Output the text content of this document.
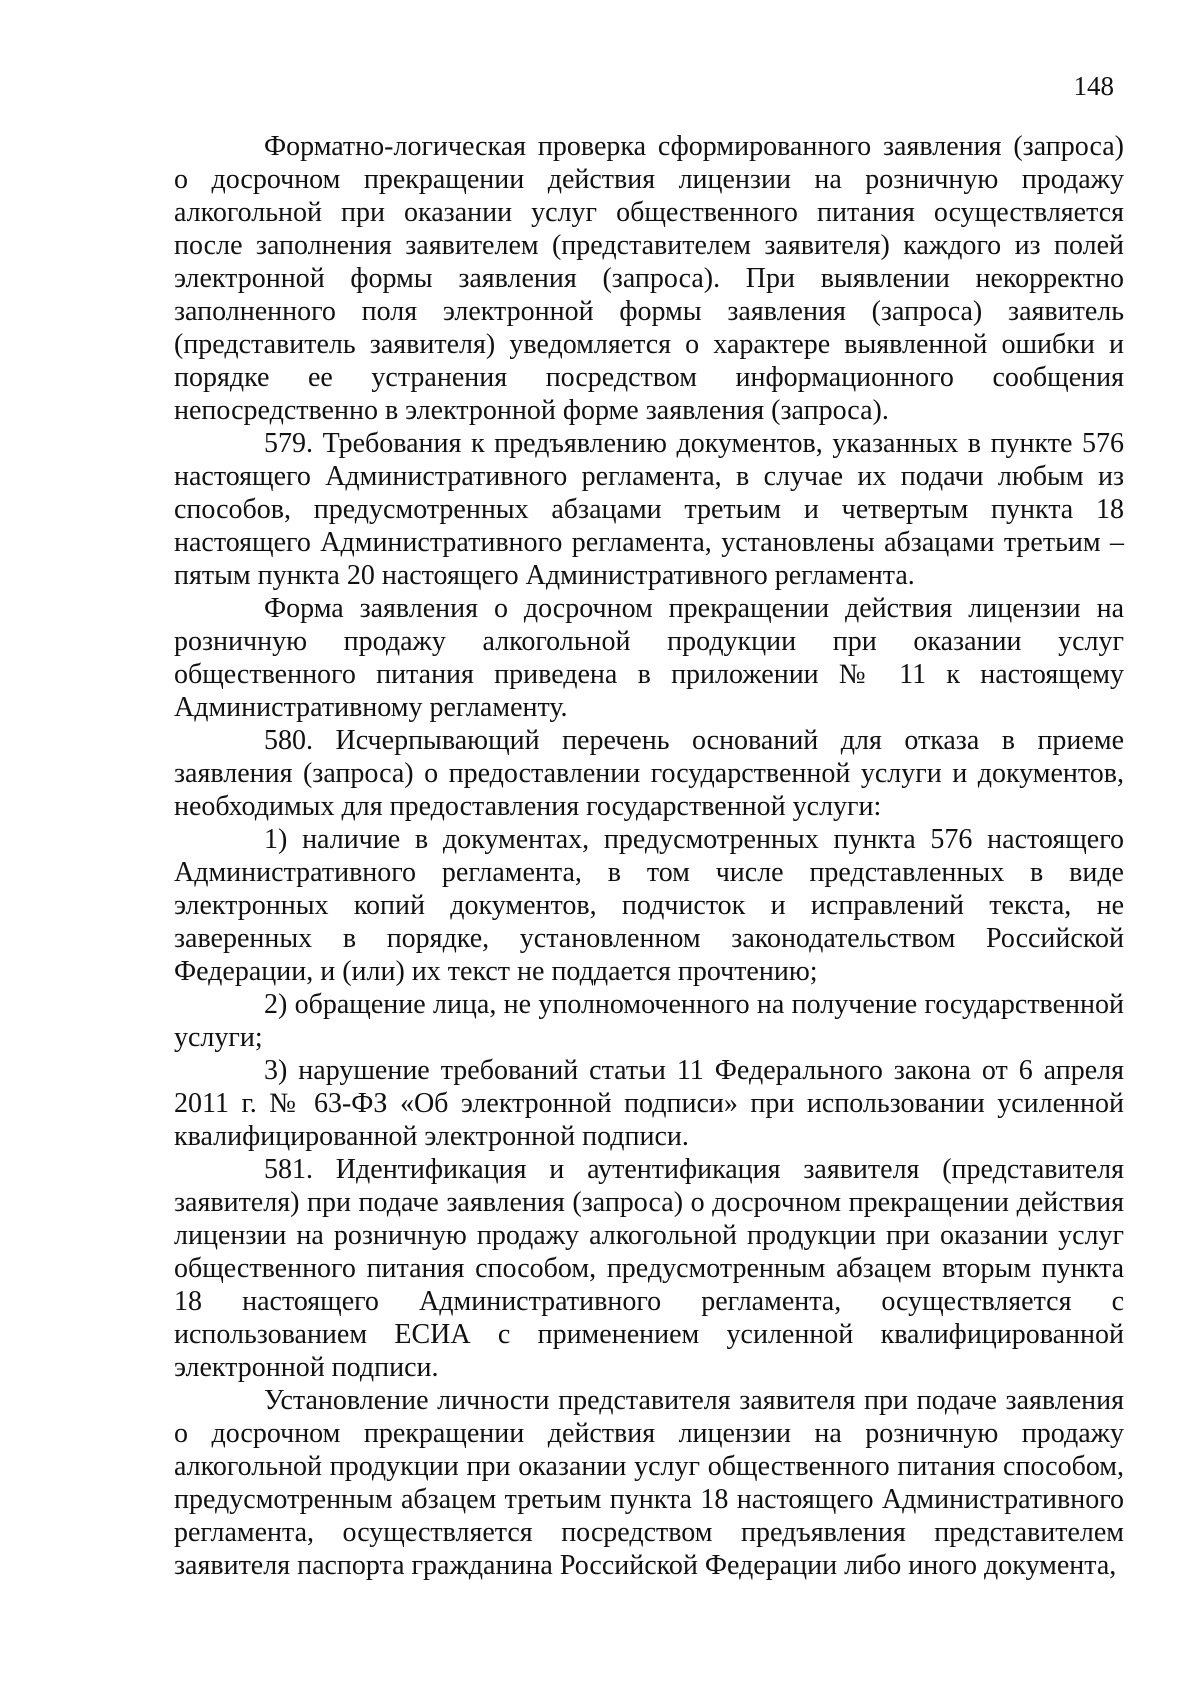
148

Форматно-логическая проверка сформированного заявления (запроса) о досрочном прекращении действия лицензии на розничную продажу алкогольной при оказании услуг общественного питания осуществляется после заполнения заявителем (представителем заявителя) каждого из полей электронной формы заявления (запроса). При выявлении некорректно заполненного поля электронной формы заявления (запроса) заявитель (представитель заявителя) уведомляется о характере выявленной ошибки и порядке ее устранения посредством информационного сообщения непосредственно в электронной форме заявления (запроса).

579. Требования к предъявлению документов, указанных в пункте 576 настоящего Административного регламента, в случае их подачи любым из способов, предусмотренных абзацами третьим и четвертым пункта 18 настоящего Административного регламента, установлены абзацами третьим – пятым пункта 20 настоящего Административного регламента.

Форма заявления о досрочном прекращении действия лицензии на розничную продажу алкогольной продукции при оказании услуг общественного питания приведена в приложении № 11 к настоящему Административному регламенту.

580. Исчерпывающий перечень оснований для отказа в приеме заявления (запроса) о предоставлении государственной услуги и документов, необходимых для предоставления государственной услуги:

1) наличие в документах, предусмотренных пункта 576 настоящего Административного регламента, в том числе представленных в виде электронных копий документов, подчисток и исправлений текста, не заверенных в порядке, установленном законодательством Российской Федерации, и (или) их текст не поддается прочтению;

2) обращение лица, не уполномоченного на получение государственной услуги;

3) нарушение требований статьи 11 Федерального закона от 6 апреля 2011 г. № 63-ФЗ «Об электронной подписи» при использовании усиленной квалифицированной электронной подписи.

581. Идентификация и аутентификация заявителя (представителя заявителя) при подаче заявления (запроса) о досрочном прекращении действия лицензии на розничную продажу алкогольной продукции при оказании услуг общественного питания способом, предусмотренным абзацем вторым пункта 18 настоящего Административного регламента, осуществляется с использованием ЕСИА с применением усиленной квалифицированной электронной подписи.

Установление личности представителя заявителя при подаче заявления о досрочном прекращении действия лицензии на розничную продажу алкогольной продукции при оказании услуг общественного питания способом, предусмотренным абзацем третьим пункта 18 настоящего Административного регламента, осуществляется посредством предъявления представителем заявителя паспорта гражданина Российской Федерации либо иного документа,
